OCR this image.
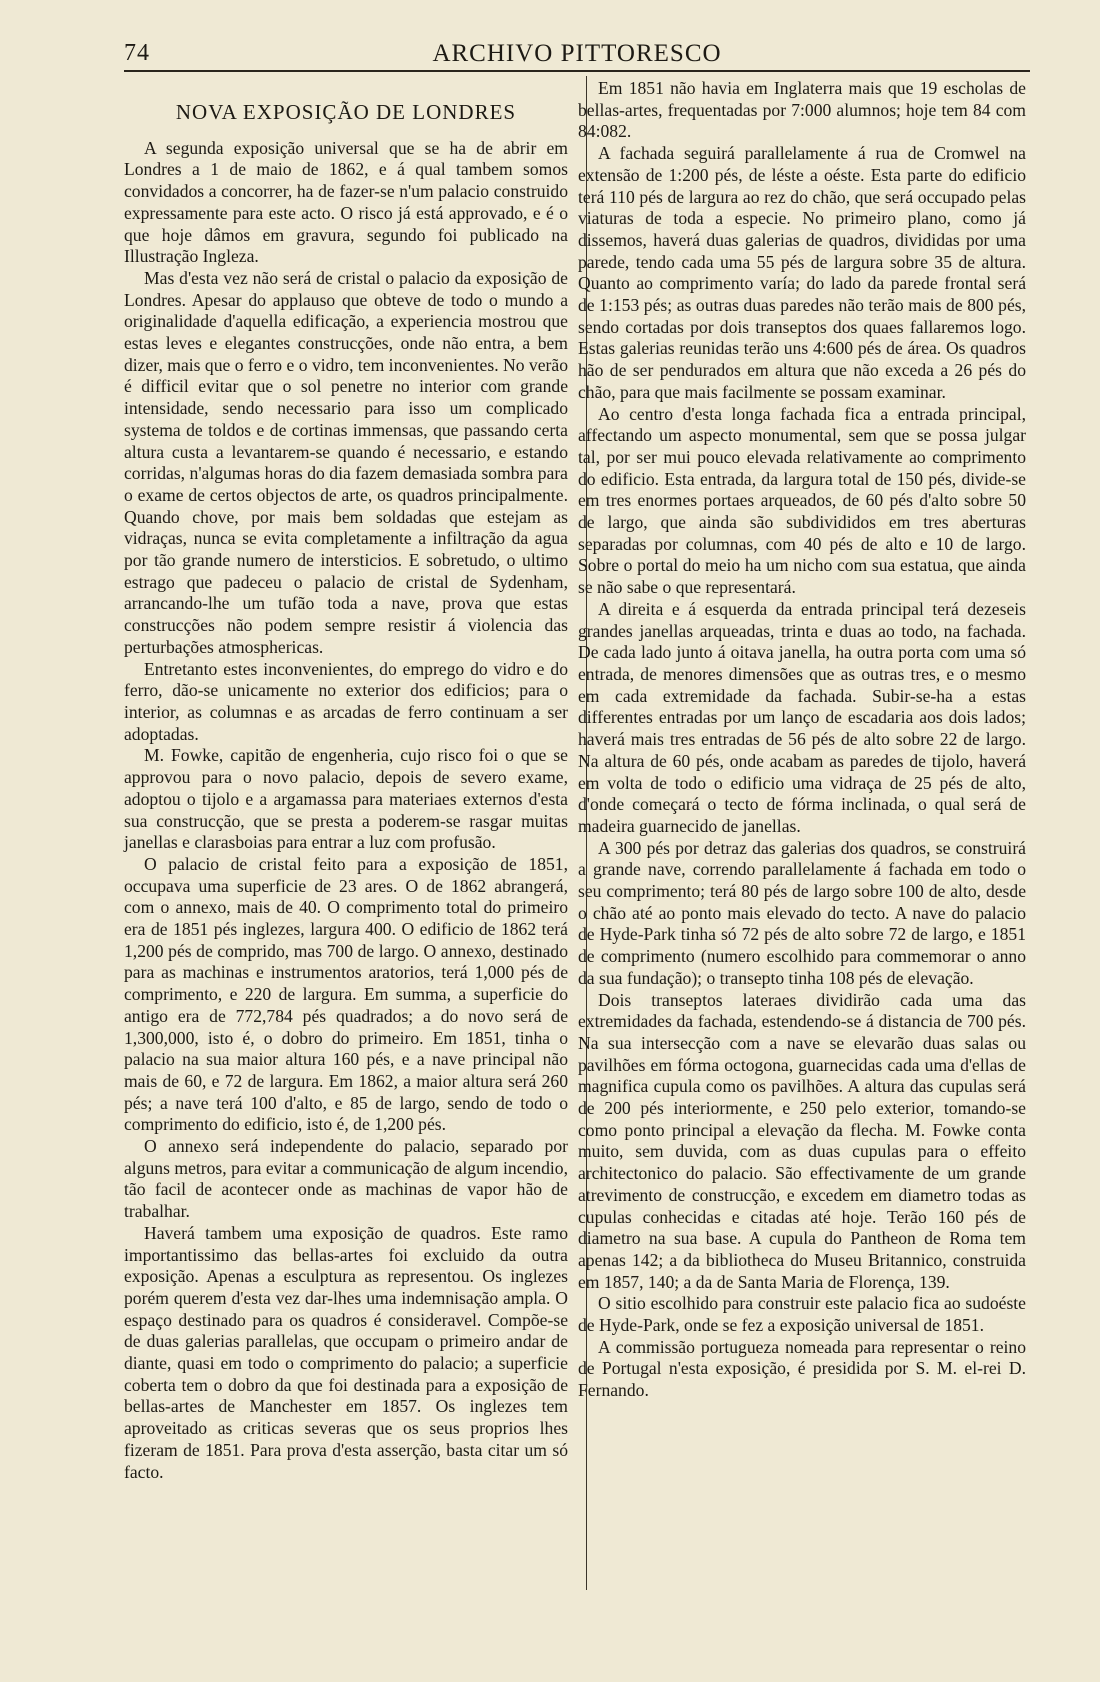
74	ARCHIVO PITTORESCO
NOVA EXPOSIÇÃO DE LONDRES

A segunda exposição universal que se ha de abrir em Londres a 1 de maio de 1862, e á qual tambem somos convidados a concorrer, ha de fazer-se n'um palacio construido expressamente para este acto. O risco já está approvado, e é o que hoje dâmos em gravura, segundo foi publicado na Illustração Ingleza.

Mas d'esta vez não será de cristal o palacio da exposição de Londres. Apesar do applauso que obteve de todo o mundo a originalidade d'aquella edificação, a experiencia mostrou que estas leves e elegantes construcções, onde não entra, a bem dizer, mais que o ferro e o vidro, tem inconvenientes. No verão é difficil evitar que o sol penetre no interior com grande intensidade, sendo necessario para isso um complicado systema de toldos e de cortinas immensas, que passando certa altura custa a levantarem-se quando é necessario, e estando corridas, n'algumas horas do dia fazem demasiada sombra para o exame de certos objectos de arte, os quadros principalmente. Quando chove, por mais bem soldadas que estejam as vidraças, nunca se evita completamente a infiltração da agua por tão grande numero de intersticios. E sobretudo, o ultimo estrago que padeceu o palacio de cristal de Sydenham, arrancando-lhe um tufão toda a nave, prova que estas construcções não podem sempre resistir á violencia das perturbações atmosphericas.

Entretanto estes inconvenientes, do emprego do vidro e do ferro, dão-se unicamente no exterior dos edificios; para o interior, as columnas e as arcadas de ferro continuam a ser adoptadas.

M. Fowke, capitão de engenheria, cujo risco foi o que se approvou para o novo palacio, depois de severo exame, adoptou o tijolo e a argamassa para materiaes externos d'esta sua construcção, que se presta a poderem-se rasgar muitas janellas e clarasboias para entrar a luz com profusão.

O palacio de cristal feito para a exposição de 1851, occupava uma superficie de 23 ares. O de 1862 abrangerá, com o annexo, mais de 40. O comprimento total do primeiro era de 1851 pés inglezes, largura 400. O edificio de 1862 terá 1,200 pés de comprido, mas 700 de largo. O annexo, destinado para as machinas e instrumentos aratorios, terá 1,000 pés de comprimento, e 220 de largura. Em summa, a superficie do antigo era de 772,784 pés quadrados; a do novo será de 1,300,000, isto é, o dobro do primeiro. Em 1851, tinha o palacio na sua maior altura 160 pés, e a nave principal não mais de 60, e 72 de largura. Em 1862, a maior altura será 260 pés; a nave terá 100 d'alto, e 85 de largo, sendo de todo o comprimento do edificio, isto é, de 1,200 pés.

O annexo será independente do palacio, separado por alguns metros, para evitar a communicação de algum incendio, tão facil de acontecer onde as machinas de vapor hão de trabalhar.

Haverá tambem uma exposição de quadros. Este ramo importantissimo das bellas-artes foi excluido da outra exposição. Apenas a esculptura as representou. Os inglezes porém querem d'esta vez dar-lhes uma indemnisação ampla. O espaço destinado para os quadros é consideravel. Compõe-se de duas galerias parallelas, que occupam o primeiro andar de diante, quasi em todo o comprimento do palacio; a superficie coberta tem o dobro da que foi destinada para a exposição de bellas-artes de Manchester em 1857. Os inglezes tem aproveitado as criticas severas que os seus proprios lhes fizeram de 1851. Para prova d'esta asserção, basta citar um só facto.

Em 1851 não havia em Inglaterra mais que 19 escholas de bellas-artes, frequentadas por 7:000 alumnos; hoje tem 84 com 84:082.

A fachada seguirá parallelamente á rua de Cromwel na extensão de 1:200 pés, de léste a oéste. Esta parte do edificio terá 110 pés de largura ao rez do chão, que será occupado pelas viaturas de toda a especie. No primeiro plano, como já dissemos, haverá duas galerias de quadros, divididas por uma parede, tendo cada uma 55 pés de largura sobre 35 de altura. Quanto ao comprimento varía; do lado da parede frontal será de 1:153 pés; as outras duas paredes não terão mais de 800 pés, sendo cortadas por dois transeptos dos quaes fallaremos logo. Estas galerias reunidas terão uns 4:600 pés de área. Os quadros hão de ser pendurados em altura que não exceda a 26 pés do chão, para que mais facilmente se possam examinar.

Ao centro d'esta longa fachada fica a entrada principal, affectando um aspecto monumental, sem que se possa julgar tal, por ser mui pouco elevada relativamente ao comprimento do edificio. Esta entrada, da largura total de 150 pés, divide-se em tres enormes portaes arqueados, de 60 pés d'alto sobre 50 de largo, que ainda são subdivididos em tres aberturas separadas por columnas, com 40 pés de alto e 10 de largo. Sobre o portal do meio ha um nicho com sua estatua, que ainda se não sabe o que representará.

A direita e á esquerda da entrada principal terá dezeseis grandes janellas arqueadas, trinta e duas ao todo, na fachada. De cada lado junto á oitava janella, ha outra porta com uma só entrada, de menores dimensões que as outras tres, e o mesmo em cada extremidade da fachada. Subir-se-ha a estas differentes entradas por um lanço de escadaria aos dois lados; haverá mais tres entradas de 56 pés de alto sobre 22 de largo. Na altura de 60 pés, onde acabam as paredes de tijolo, haverá em volta de todo o edificio uma vidraça de 25 pés de alto, d'onde começará o tecto de fórma inclinada, o qual será de madeira guarnecido de janellas.

A 300 pés por detraz das galerias dos quadros, se construirá a grande nave, correndo parallelamente á fachada em todo o seu comprimento; terá 80 pés de largo sobre 100 de alto, desde o chão até ao ponto mais elevado do tecto. A nave do palacio de Hyde-Park tinha só 72 pés de alto sobre 72 de largo, e 1851 de comprimento (numero escolhido para commemorar o anno da sua fundação); o transepto tinha 108 pés de elevação.

Dois transeptos lateraes dividirão cada uma das extremidades da fachada, estendendo-se á distancia de 700 pés. Na sua intersecção com a nave se elevarão duas salas ou pavilhões em fórma octogona, guarnecidas cada uma d'ellas de magnifica cupula como os pavilhões. A altura das cupulas será de 200 pés interiormente, e 250 pelo exterior, tomando-se como ponto principal a elevação da flecha. M. Fowke conta muito, sem duvida, com as duas cupulas para o effeito architectonico do palacio. São effectivamente de um grande atrevimento de construcção, e excedem em diametro todas as cupulas conhecidas e citadas até hoje. Terão 160 pés de diametro na sua base. A cupula do Pantheon de Roma tem apenas 142; a da bibliotheca do Museu Britannico, construida em 1857, 140; a da de Santa Maria de Florença, 139.

O sitio escolhido para construir este palacio fica ao sudoéste de Hyde-Park, onde se fez a exposição universal de 1851.

A commissão portugueza nomeada para representar o reino de Portugal n'esta exposição, é presidida por S. M. el-rei D. Fernando.
